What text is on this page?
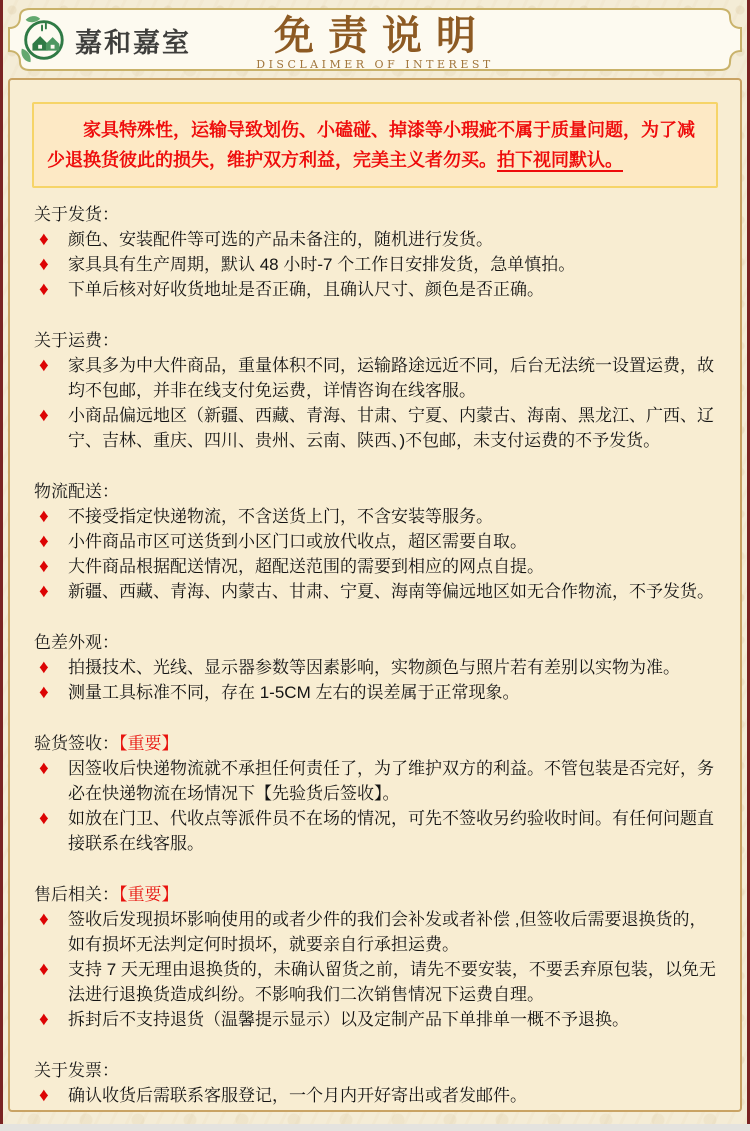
嘉和嘉室	免责说明
DISCLAIMER OF INTEREST
家具特殊性，运输导致划伤、小磕碰、掉漆等小瑕疵不属于质量问题，为了减少退换货彼此的损失，维护双方利益，完美主义者勿买。拍下视同默认。
关于发货：
♦	颜色、安装配件等可选的产品未备注的，随机进行发货。
♦	家具具有生产周期，默认 48 小时-7 个工作日安排发货，急单慎拍。
♦	下单后核对好收货地址是否正确，且确认尺寸、颜色是否正确。
关于运费：
♦	家具多为中大件商品，重量体积不同，运输路途远近不同，后台无法统一设置运费，故均不包邮，并非在线支付免运费，详情咨询在线客服。
♦	小商品偏远地区（新疆、西藏、青海、甘肃、宁夏、内蒙古、海南、黑龙江、广西、辽宁、吉林、重庆、四川、贵州、云南、陕西、)不包邮，未支付运费的不予发货。
物流配送：
♦	不接受指定快递物流，不含送货上门，不含安装等服务。
♦	小件商品市区可送货到小区门口或放代收点，超区需要自取。
♦	大件商品根据配送情况，超配送范围的需要到相应的网点自提。
♦	新疆、西藏、青海、内蒙古、甘肃、宁夏、海南等偏远地区如无合作物流，不予发货。
色差外观：
♦	拍摄技术、光线、显示器参数等因素影响，实物颜色与照片若有差别以实物为准。
♦	测量工具标准不同，存在 1-5CM 左右的误差属于正常现象。
验货签收：【重要】
♦	因签收后快递物流就不承担任何责任了，为了维护双方的利益。不管包装是否完好，务必在快递物流在场情况下【先验货后签收】。
♦	如放在门卫、代收点等派件员不在场的情况，可先不签收另约验收时间。有任何问题直接联系在线客服。
售后相关：【重要】
♦	签收后发现损坏影响使用的或者少件的我们会补发或者补偿 ,但签收后需要退换货的，如有损坏无法判定何时损坏，就要亲自行承担运费。
♦	支持 7 天无理由退换货的，未确认留货之前，请先不要安装，不要丢弃原包装，以免无法进行退换货造成纠纷。不影响我们二次销售情况下运费自理。
♦	拆封后不支持退货（温馨提示显示）以及定制产品下单排单一概不予退换。
关于发票：
♦	确认收货后需联系客服登记，一个月内开好寄出或者发邮件。
